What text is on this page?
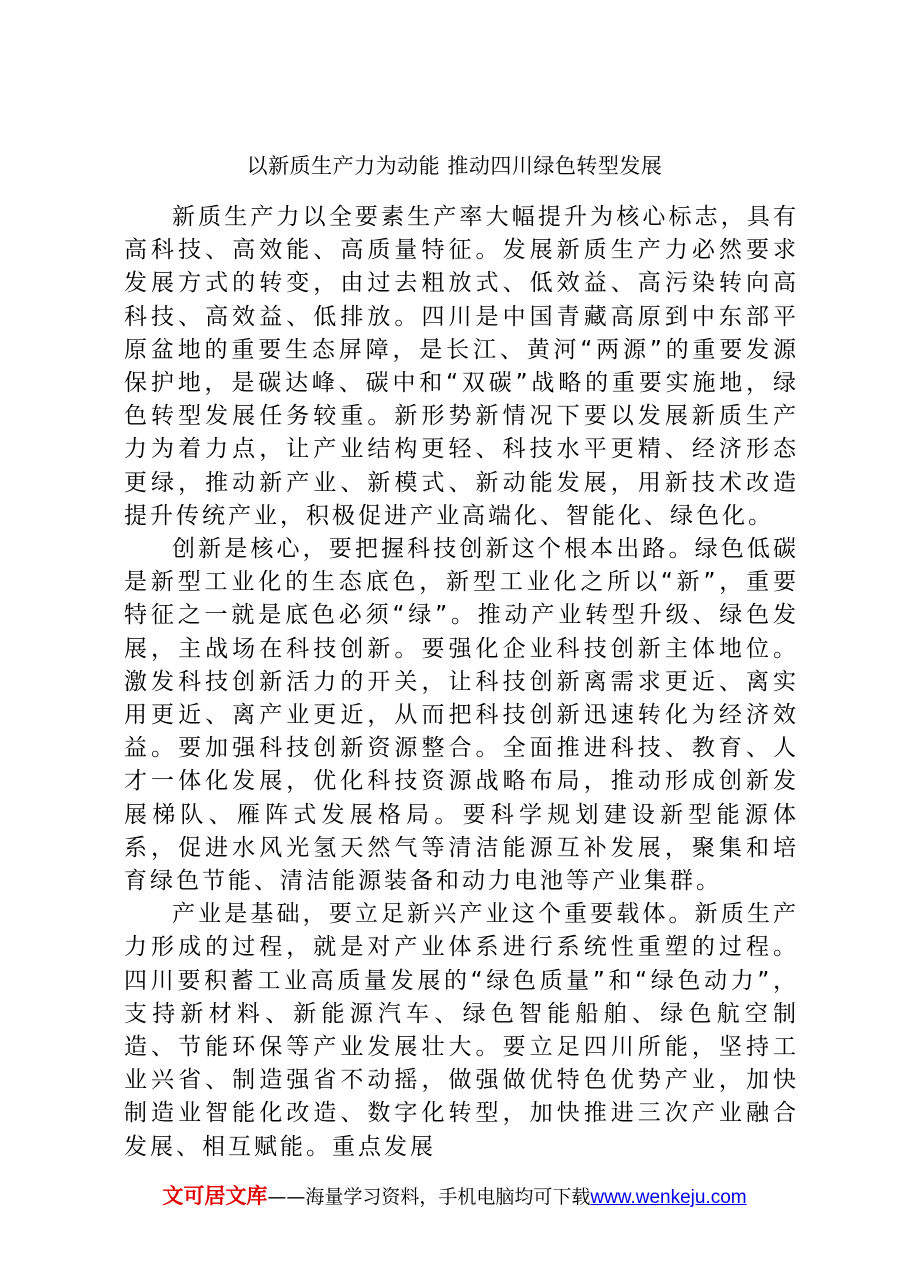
以新质生产力为动能 推动四川绿色转型发展

新质生产力以全要素生产率大幅提升为核心标志，具有高科技、高效能、高质量特征。发展新质生产力必然要求发展方式的转变，由过去粗放式、低效益、高污染转向高科技、高效益、低排放。四川是中国青藏高原到中东部平原盆地的重要生态屏障，是长江、黄河“两源”的重要发源保护地，是碳达峰、碳中和“双碳”战略的重要实施地，绿色转型发展任务较重。新形势新情况下要以发展新质生产力为着力点，让产业结构更轻、科技水平更精、经济形态更绿，推动新产业、新模式、新动能发展，用新技术改造提升传统产业，积极促进产业高端化、智能化、绿色化。

创新是核心，要把握科技创新这个根本出路。绿色低碳是新型工业化的生态底色，新型工业化之所以“新”，重要特征之一就是底色必须“绿”。推动产业转型升级、绿色发展，主战场在科技创新。要强化企业科技创新主体地位。激发科技创新活力的开关，让科技创新离需求更近、离实用更近、离产业更近，从而把科技创新迅速转化为经济效益。要加强科技创新资源整合。全面推进科技、教育、人才一体化发展，优化科技资源战略布局，推动形成创新发展梯队、雁阵式发展格局。要科学规划建设新型能源体系，促进水风光氢天然气等清洁能源互补发展，聚集和培育绿色节能、清洁能源装备和动力电池等产业集群。

产业是基础，要立足新兴产业这个重要载体。新质生产力形成的过程，就是对产业体系进行系统性重塑的过程。四川要积蓄工业高质量发展的“绿色质量”和“绿色动力”，支持新材料、新能源汽车、绿色智能船舶、绿色航空制造、节能环保等产业发展壮大。要立足四川所能，坚持工业兴省、制造强省不动摇，做强做优特色优势产业，加快制造业智能化改造、数字化转型，加快推进三次产业融合发展、相互赋能。重点发展

文可居文库——海量学习资料，手机电脑均可下载www.wenkeju.com
